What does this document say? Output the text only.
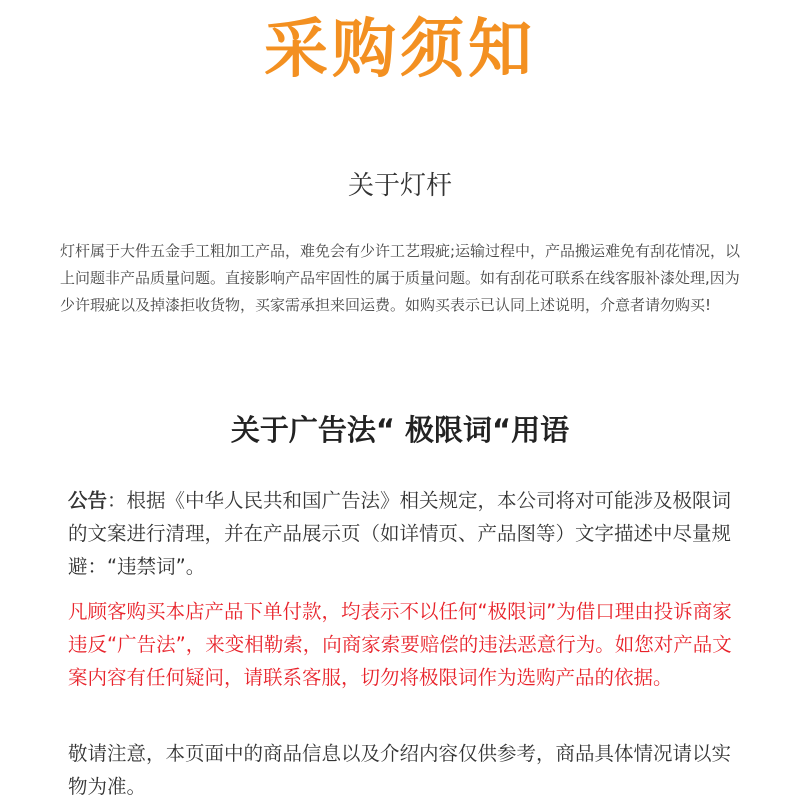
采购须知
关于灯杆

灯杆属于大件五金手工粗加工产品，难免会有少许工艺瑕疵;运输过程中，产品搬运难免有刮花情况，以上问题非产品质量问题。直接影响产品牢固性的属于质量问题。如有刮花可联系在线客服补漆处理,因为少许瑕疵以及掉漆拒收货物，买家需承担来回运费。如购买表示已认同上述说明，介意者请勿购买!

关于广告法“ 极限词“用语

公告：根据《中华人民共和国广告法》相关规定，本公司将对可能涉及极限词的文案进行清理，并在产品展示页（如详情页、产品图等）文字描述中尽量规避：“违禁词”。

凡顾客购买本店产品下单付款，均表示不以任何“极限词”为借口理由投诉商家违反“广告法”，来变相勒索，向商家索要赔偿的违法恶意行为。如您对产品文案内容有任何疑问，请联系客服，切勿将极限词作为选购产品的依据。

敬请注意，本页面中的商品信息以及介绍内容仅供参考，商品具体情况请以实物为准。
